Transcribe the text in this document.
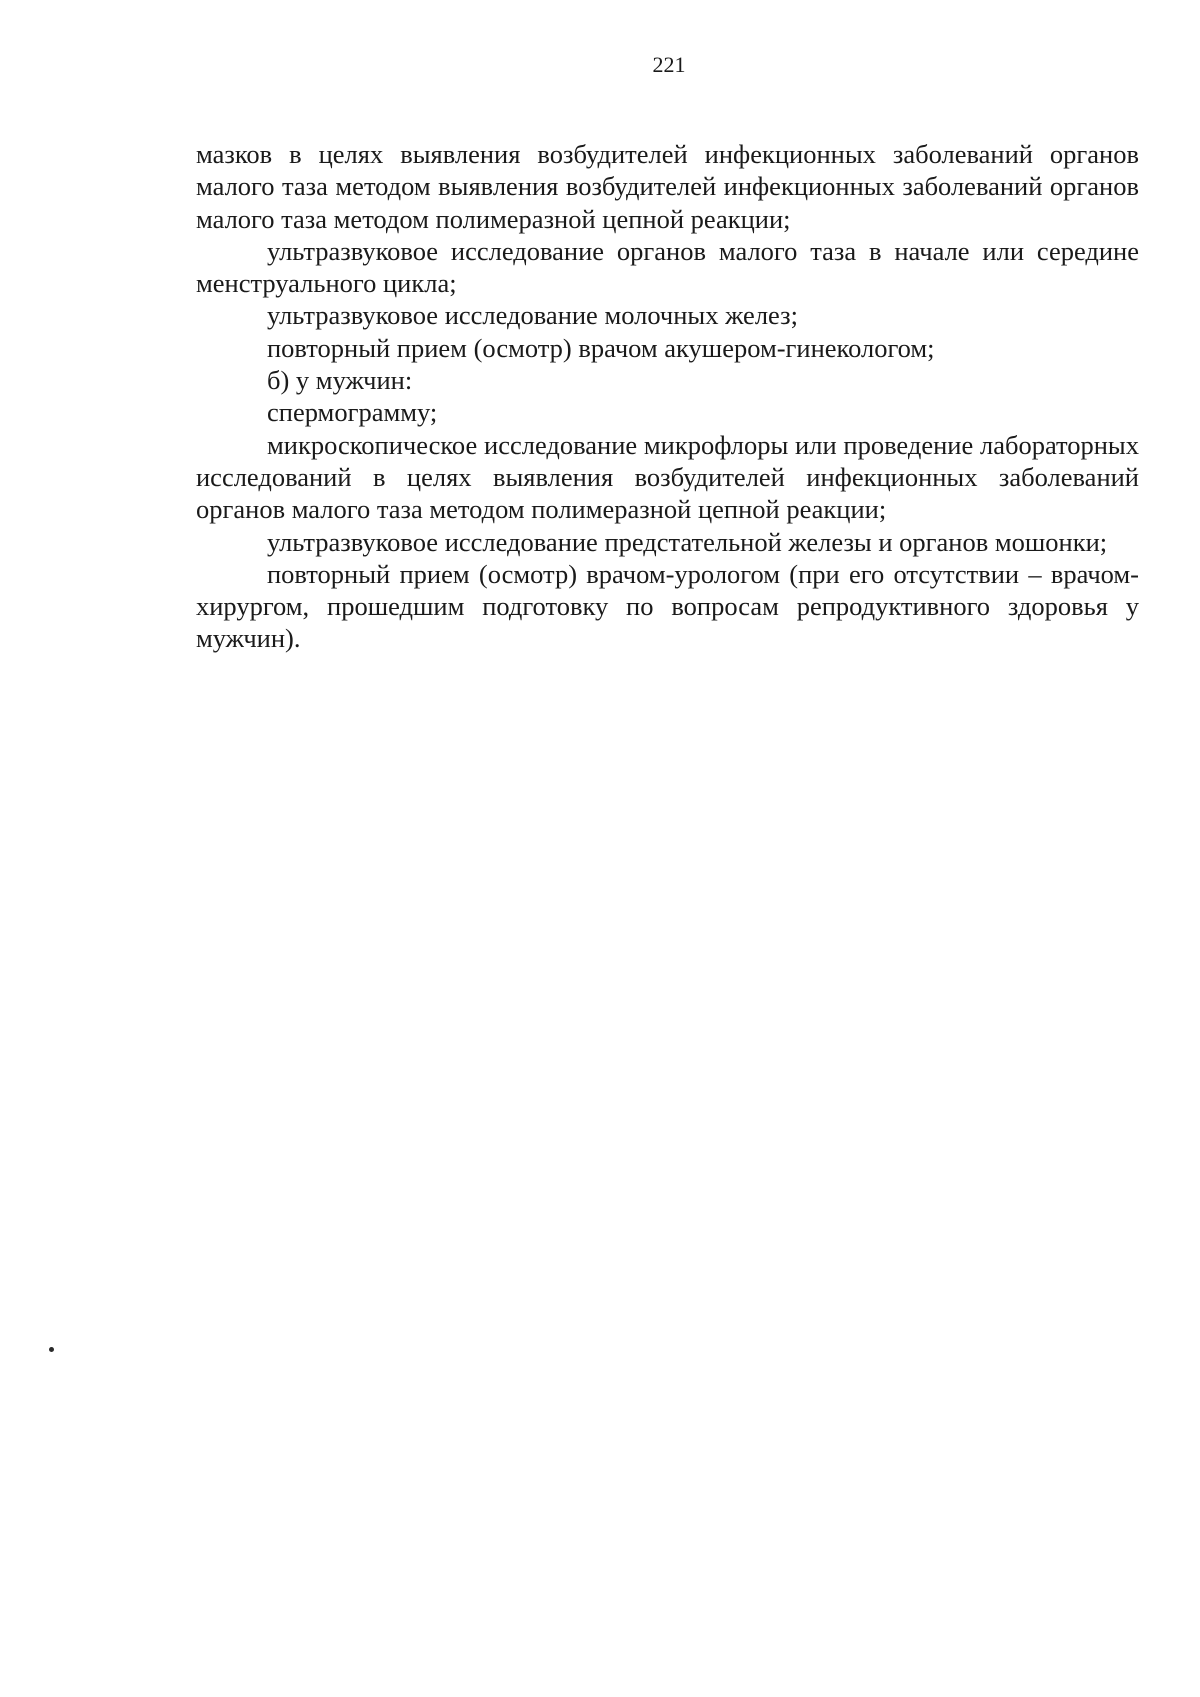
221

мазков в целях выявления возбудителей инфекционных заболеваний органов малого таза методом выявления возбудителей инфекционных заболеваний органов малого таза методом полимеразной цепной реакции;

ультразвуковое исследование органов малого таза в начале или середине менструального цикла;

ультразвуковое исследование молочных желез;

повторный прием (осмотр) врачом акушером-гинекологом;

б) у мужчин:

спермограмму;

микроскопическое исследование микрофлоры или проведение лабораторных исследований в целях выявления возбудителей инфекционных заболеваний органов малого таза методом полимеразной цепной реакции;

ультразвуковое исследование предстательной железы и органов мошонки;

повторный прием (осмотр) врачом-урологом (при его отсутствии – врачом-хирургом, прошедшим подготовку по вопросам репродуктивного здоровья у мужчин).
